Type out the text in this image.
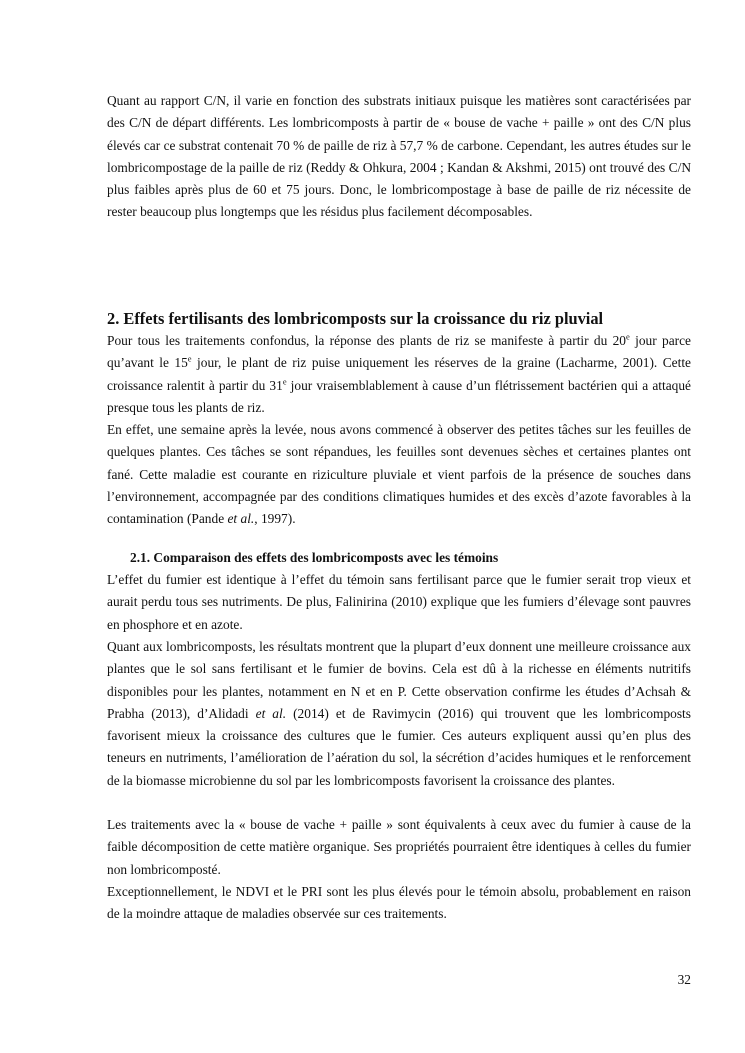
Quant au rapport C/N, il varie en fonction des substrats initiaux puisque les matières sont caractérisées par des C/N de départ différents. Les lombricomposts à partir de « bouse de vache + paille » ont des C/N plus élevés car ce substrat contenait 70 % de paille de riz à 57,7 % de carbone. Cependant, les autres études sur le lombricompostage de la paille de riz (Reddy & Ohkura, 2004 ; Kandan & Akshmi, 2015) ont trouvé des C/N plus faibles après plus de 60 et 75 jours. Donc, le lombricompostage à base de paille de riz nécessite de rester beaucoup plus longtemps que les résidus plus facilement décomposables.

2. Effets fertilisants des lombricomposts sur la croissance du riz pluvial

Pour tous les traitements confondus, la réponse des plants de riz se manifeste à partir du 20e jour parce qu’avant le 15e jour, le plant de riz puise uniquement les réserves de la graine (Lacharme, 2001). Cette croissance ralentit à partir du 31e jour vraisemblablement à cause d’un flétrissement bactérien qui a attaqué presque tous les plants de riz.

En effet, une semaine après la levée, nous avons commencé à observer des petites tâches sur les feuilles de quelques plantes. Ces tâches se sont répandues, les feuilles sont devenues sèches et certaines plantes ont fané. Cette maladie est courante en riziculture pluviale et vient parfois de la présence de souches dans l’environnement, accompagnée par des conditions climatiques humides et des excès d’azote favorables à la contamination (Pande et al., 1997).

2.1. Comparaison des effets des lombricomposts avec les témoins

L’effet du fumier est identique à l’effet du témoin sans fertilisant parce que le fumier serait trop vieux et aurait perdu tous ses nutriments. De plus, Falinirina (2010) explique que les fumiers d’élevage sont pauvres en phosphore et en azote.

Quant aux lombricomposts, les résultats montrent que la plupart d’eux donnent une meilleure croissance aux plantes que le sol sans fertilisant et le fumier de bovins. Cela est dû à la richesse en éléments nutritifs disponibles pour les plantes, notamment en N et en P. Cette observation confirme les études d’Achsah & Prabha (2013), d’Alidadi et al. (2014) et de Ravimycin (2016) qui trouvent que les lombricomposts favorisent mieux la croissance des cultures que le fumier. Ces auteurs expliquent aussi qu’en plus des teneurs en nutriments, l’amélioration de l’aération du sol, la sécrétion d’acides humiques et le renforcement de la biomasse microbienne du sol par les lombricomposts favorisent la croissance des plantes.

Les traitements avec la « bouse de vache + paille » sont équivalents à ceux avec du fumier à cause de la faible décomposition de cette matière organique. Ses propriétés pourraient être identiques à celles du fumier non lombricomposté.

Exceptionnellement, le NDVI et le PRI sont les plus élevés pour le témoin absolu, probablement en raison de la moindre attaque de maladies observée sur ces traitements.

32
